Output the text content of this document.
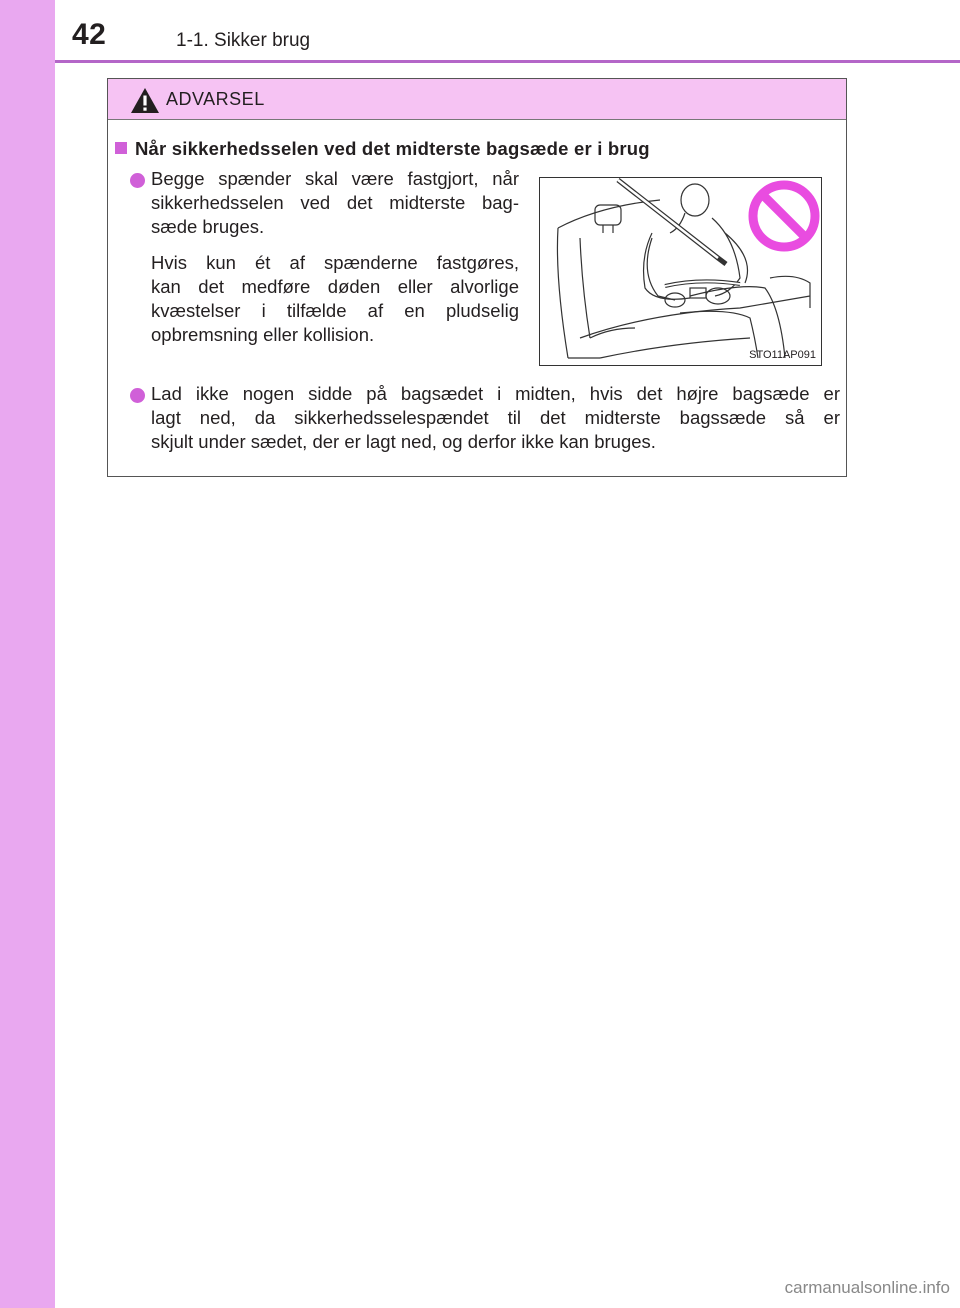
42	1-1. Sikker brug
ADVARSEL
Når sikkerhedsselen ved det midterste bagsæde er i brug
Begge spænder skal være fastgjort, når
sikkerhedsselen ved det midterste bag-
sæde bruges.
Hvis kun ét af spænderne fastgøres,
kan det medføre døden eller alvorlige
kvæstelser i tilfælde af en pludselig
opbremsning eller kollision.
STO11AP091
Lad ikke nogen sidde på bagsædet i midten, hvis det højre bagsæde er
lagt ned, da sikkerhedsselespændet til det midterste bagssæde så er
skjult under sædet, der er lagt ned, og derfor ikke kan bruges.
carmanualsonline.info
